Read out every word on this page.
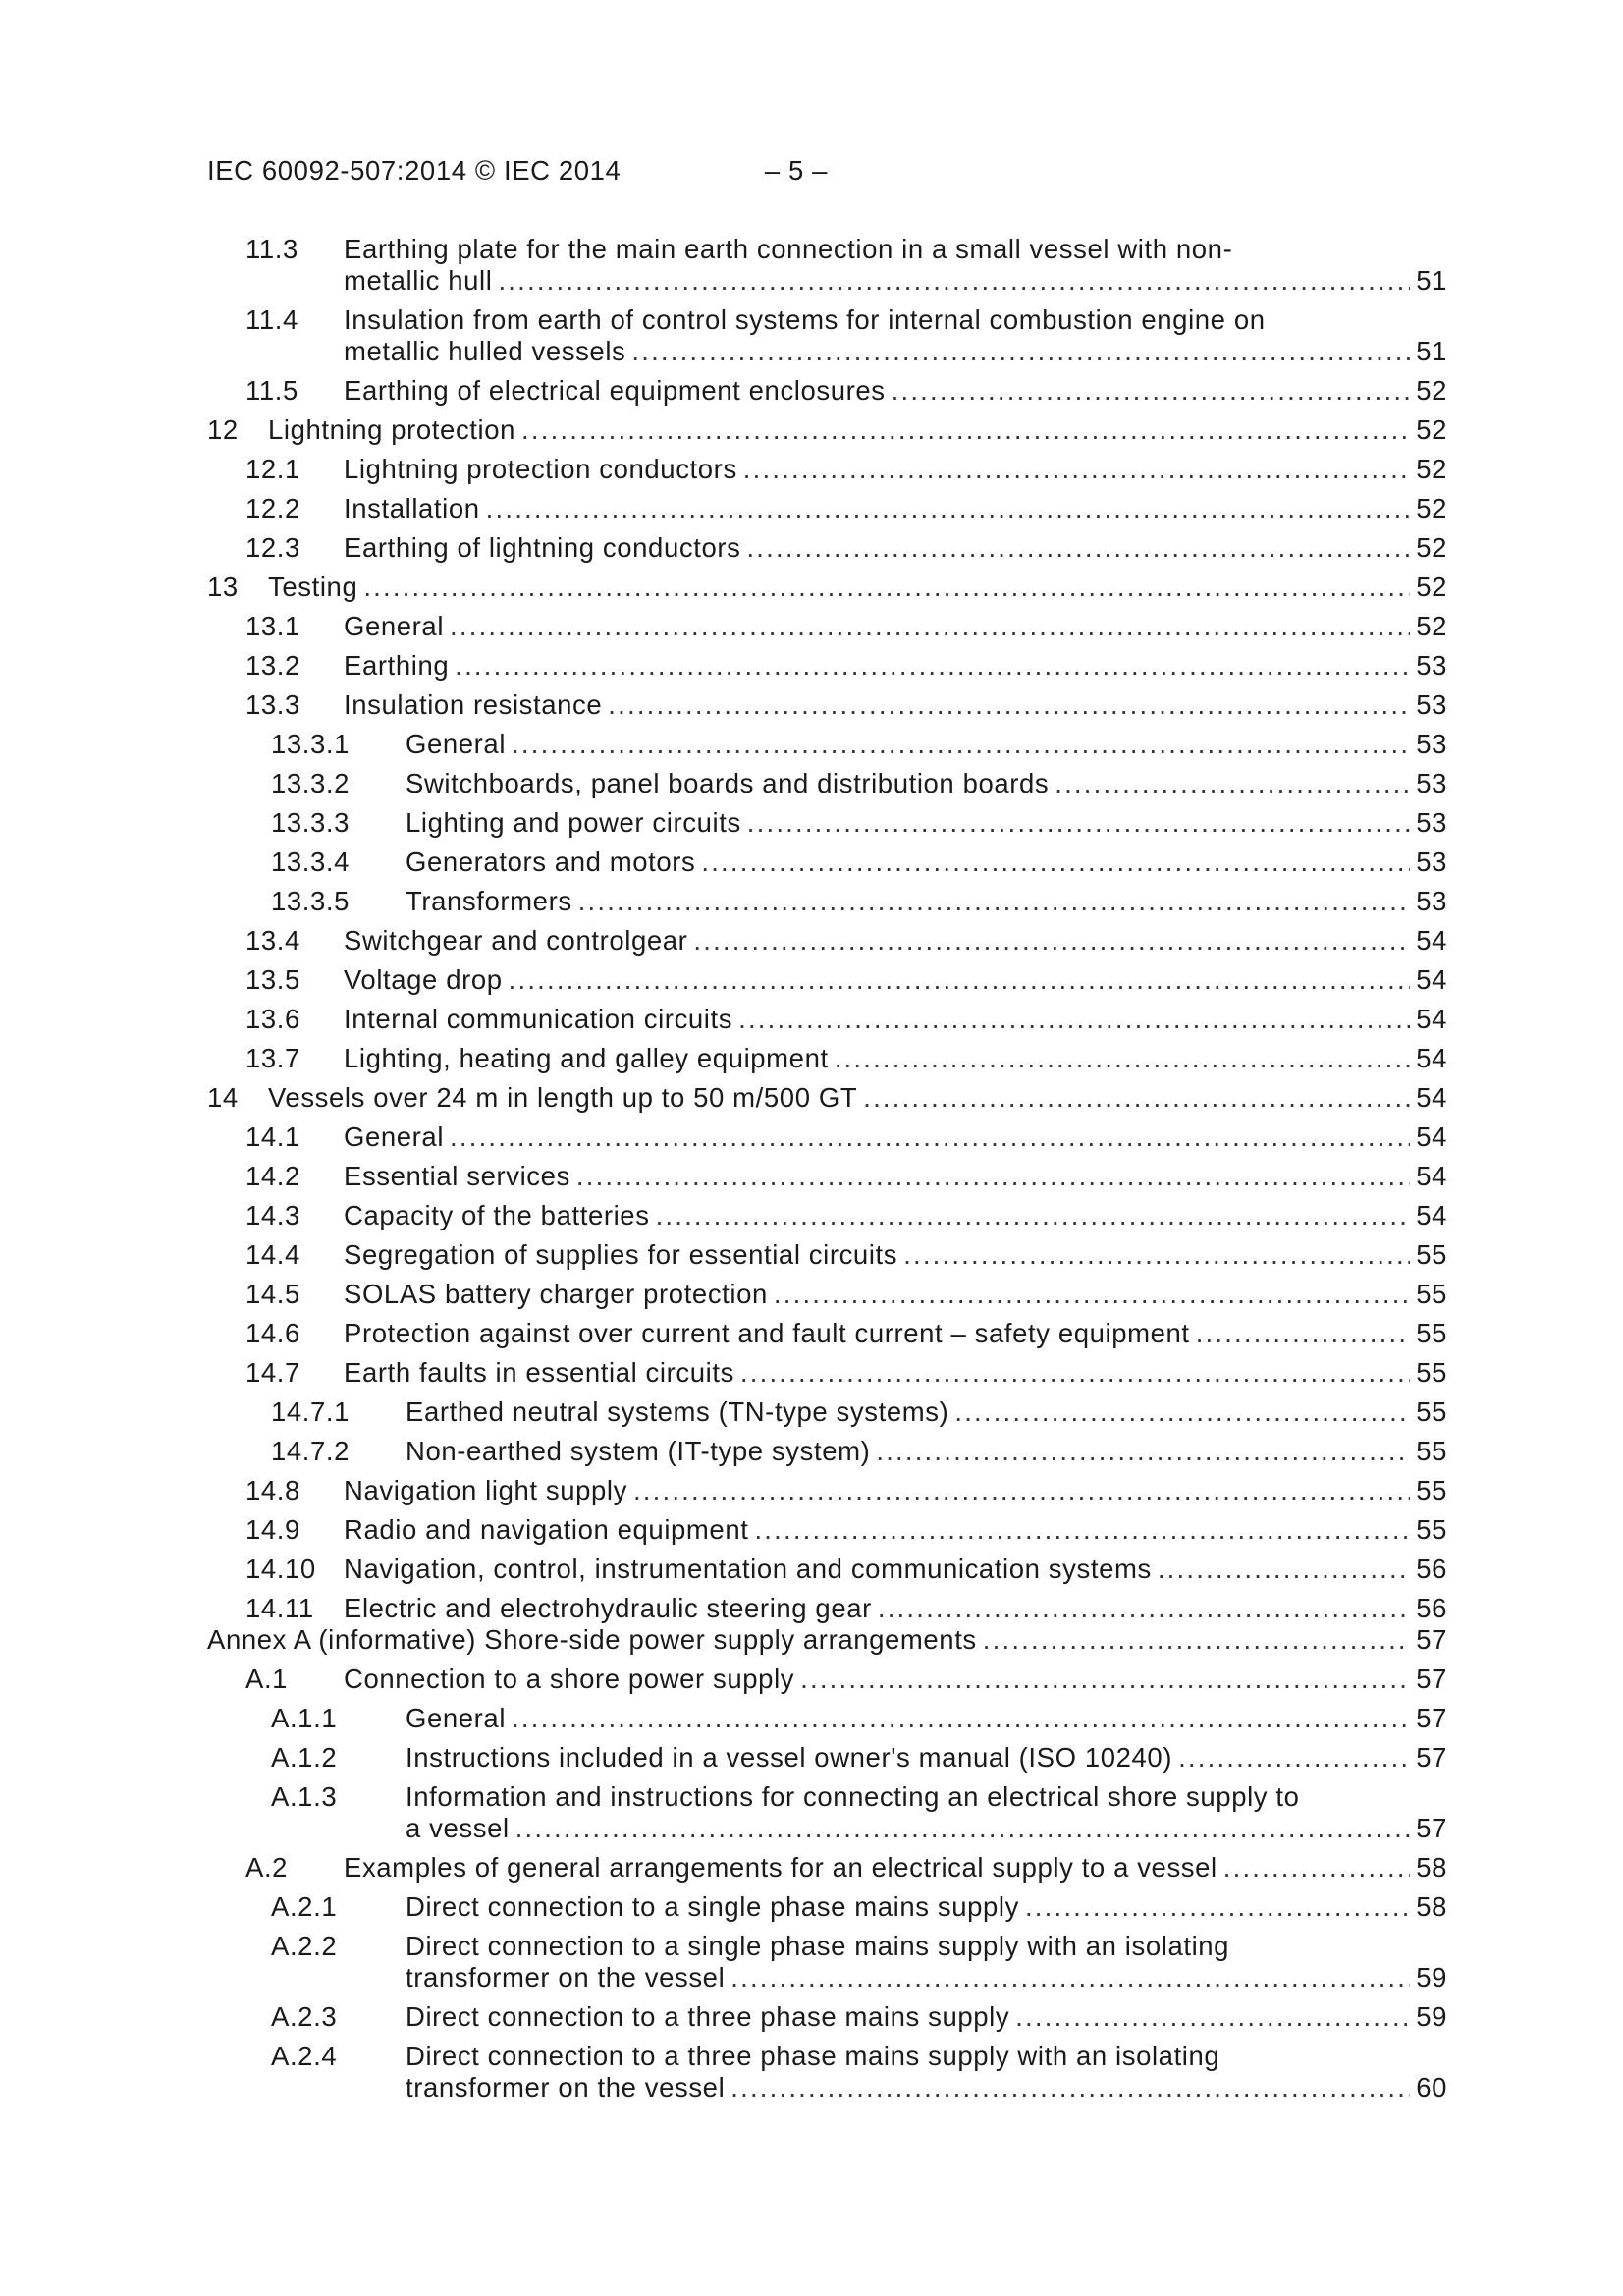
IEC 60092-507:2014 © IEC 2014	– 5 –
11.3	Earthing plate for the main earth connection in a small vessel with non-
metallic hull .....	51
11.4	Insulation from earth of control systems for internal combustion engine on
metallic hulled vessels .....	51
11.5	Earthing of electrical equipment enclosures .....	52
12	Lightning protection .....	52
12.1	Lightning protection conductors .....	52
12.2	Installation .....	52
12.3	Earthing of lightning conductors .....	52
13	Testing .....	52
13.1	General .....	52
13.2	Earthing .....	53
13.3	Insulation resistance .....	53
13.3.1	General .....	53
13.3.2	Switchboards, panel boards and distribution boards .....	53
13.3.3	Lighting and power circuits .....	53
13.3.4	Generators and motors .....	53
13.3.5	Transformers .....	53
13.4	Switchgear and controlgear .....	54
13.5	Voltage drop .....	54
13.6	Internal communication circuits .....	54
13.7	Lighting, heating and galley equipment .....	54
14	Vessels over 24 m in length up to 50 m/500 GT .....	54
14.1	General .....	54
14.2	Essential services .....	54
14.3	Capacity of the batteries .....	54
14.4	Segregation of supplies for essential circuits .....	55
14.5	SOLAS battery charger protection .....	55
14.6	Protection against over current and fault current – safety equipment .....	55
14.7	Earth faults in essential circuits .....	55
14.7.1	Earthed neutral systems (TN-type systems) .....	55
14.7.2	Non-earthed system (IT-type system) .....	55
14.8	Navigation light supply .....	55
14.9	Radio and navigation equipment .....	55
14.10	Navigation, control, instrumentation and communication systems .....	56
14.11	Electric and electrohydraulic steering gear .....	56
Annex A (informative) Shore-side power supply arrangements .....	57
A.1	Connection to a shore power supply .....	57
A.1.1	General .....	57
A.1.2	Instructions included in a vessel owner's manual (ISO 10240) .....	57
A.1.3	Information and instructions for connecting an electrical shore supply to
a vessel .....	57
A.2	Examples of general arrangements for an electrical supply to a vessel .....	58
A.2.1	Direct connection to a single phase mains supply .....	58
A.2.2	Direct connection to a single phase mains supply with an isolating
transformer on the vessel .....	59
A.2.3	Direct connection to a three phase mains supply .....	59
A.2.4	Direct connection to a three phase mains supply with an isolating
transformer on the vessel .....	60
